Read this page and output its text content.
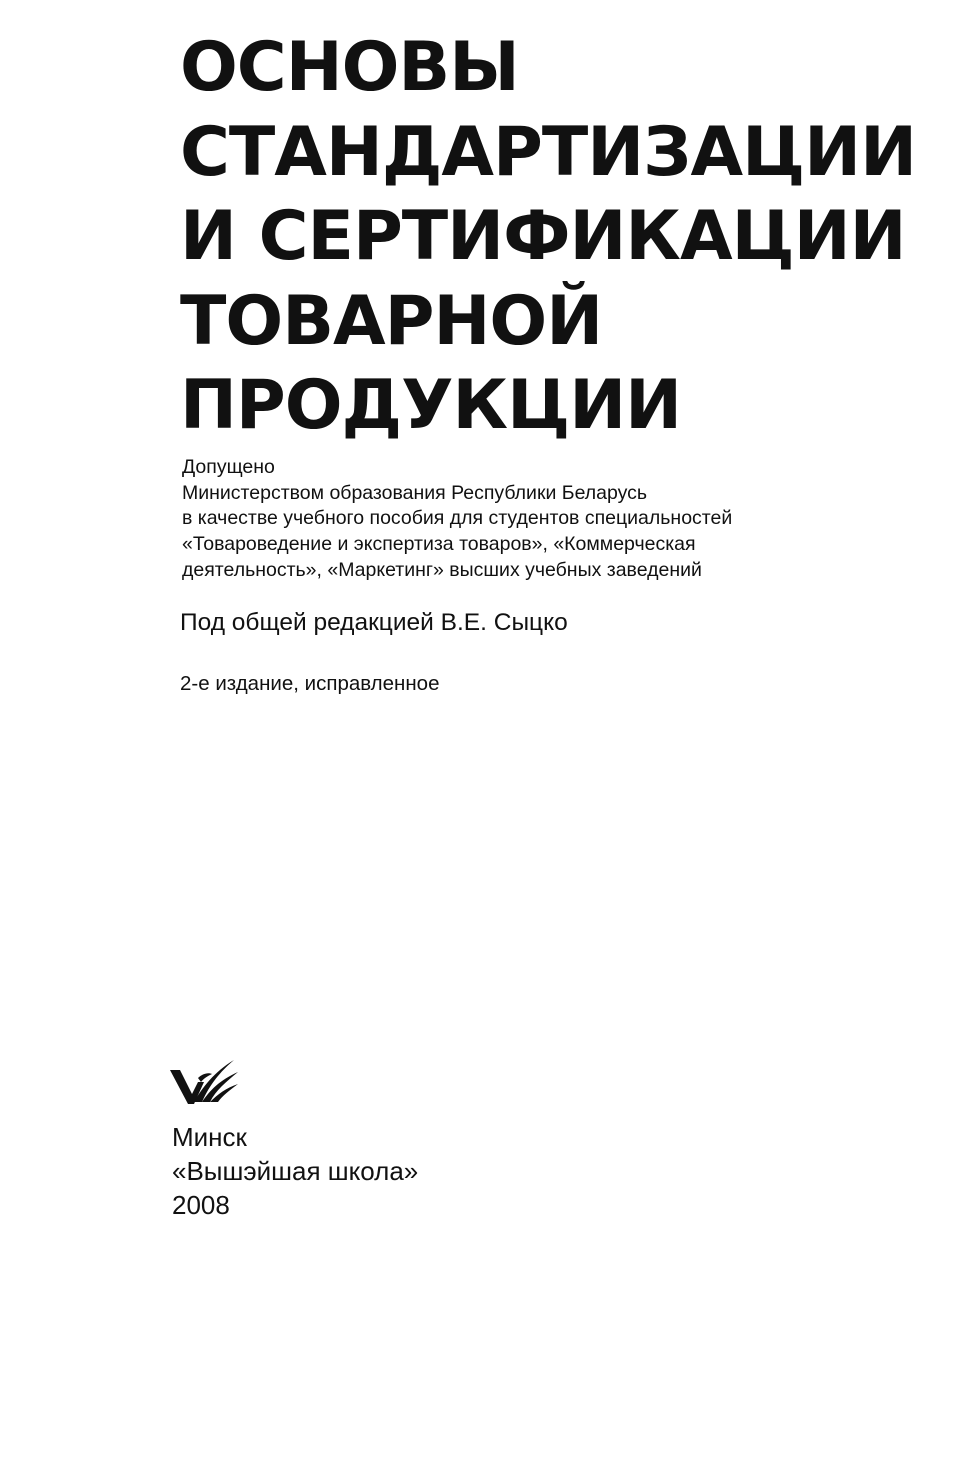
ОСНОВЫ
СТАНДАРТИЗАЦИИ
И СЕРТИФИКАЦИИ
ТОВАРНОЙ
ПРОДУКЦИИ
Допущено
Министерством образования Республики Беларусь
в качестве учебного пособия для студентов специальностей
«Товароведение и экспертиза товаров», «Коммерческая
деятельность», «Маркетинг» высших учебных заведений
Под общей редакцией В.Е. Сыцко
2-е издание, исправленное
Минск
«Вышэйшая школа»
2008
